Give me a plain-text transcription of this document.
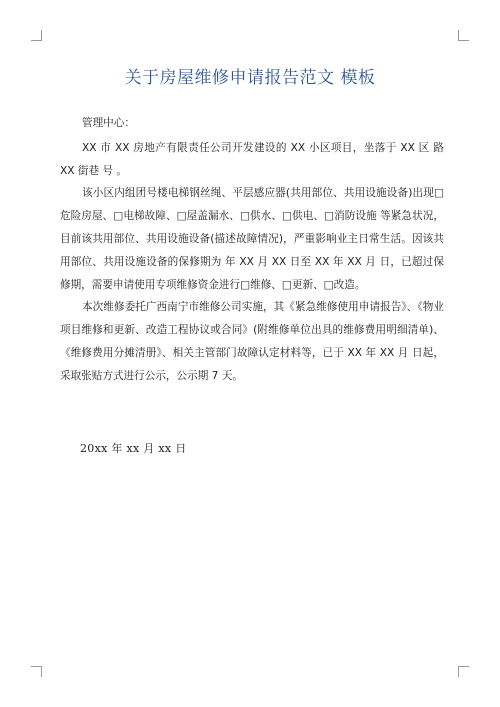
关于房屋维修申请报告范文 模板

管理中心：

XX 市 XX 房地产有限责任公司开发建设的 XX 小区项目，坐落于 XX 区 路 XX 街巷 号 。

该小区内组团号楼电梯钢丝绳、平层感应器(共用部位、共用设施设备)出现□危险房屋、□电梯故障、□屋盖漏水、□供水、□供电、□消防设施 等紧急状况，目前该共用部位、共用设施设备(描述故障情况)，严重影响业主日常生活。因该共用部位、共用设施设备的保修期为 年 XX 月 XX 日至 XX 年 XX 月 日，已超过保修期，需要申请使用专项维修资金进行□维修、□更新、□改造。

本次维修委托广西南宁市维修公司实施，其《紧急维修使用申请报告》、《物业项目维修和更新、改造工程协议或合同》(附维修单位出具的维修费用明细清单)、《维修费用分摊清册》、相关主管部门故障认定材料等，已于 XX 年 XX 月 日起，采取张贴方式进行公示，公示期 7 天。

20xx 年 xx 月 xx 日
